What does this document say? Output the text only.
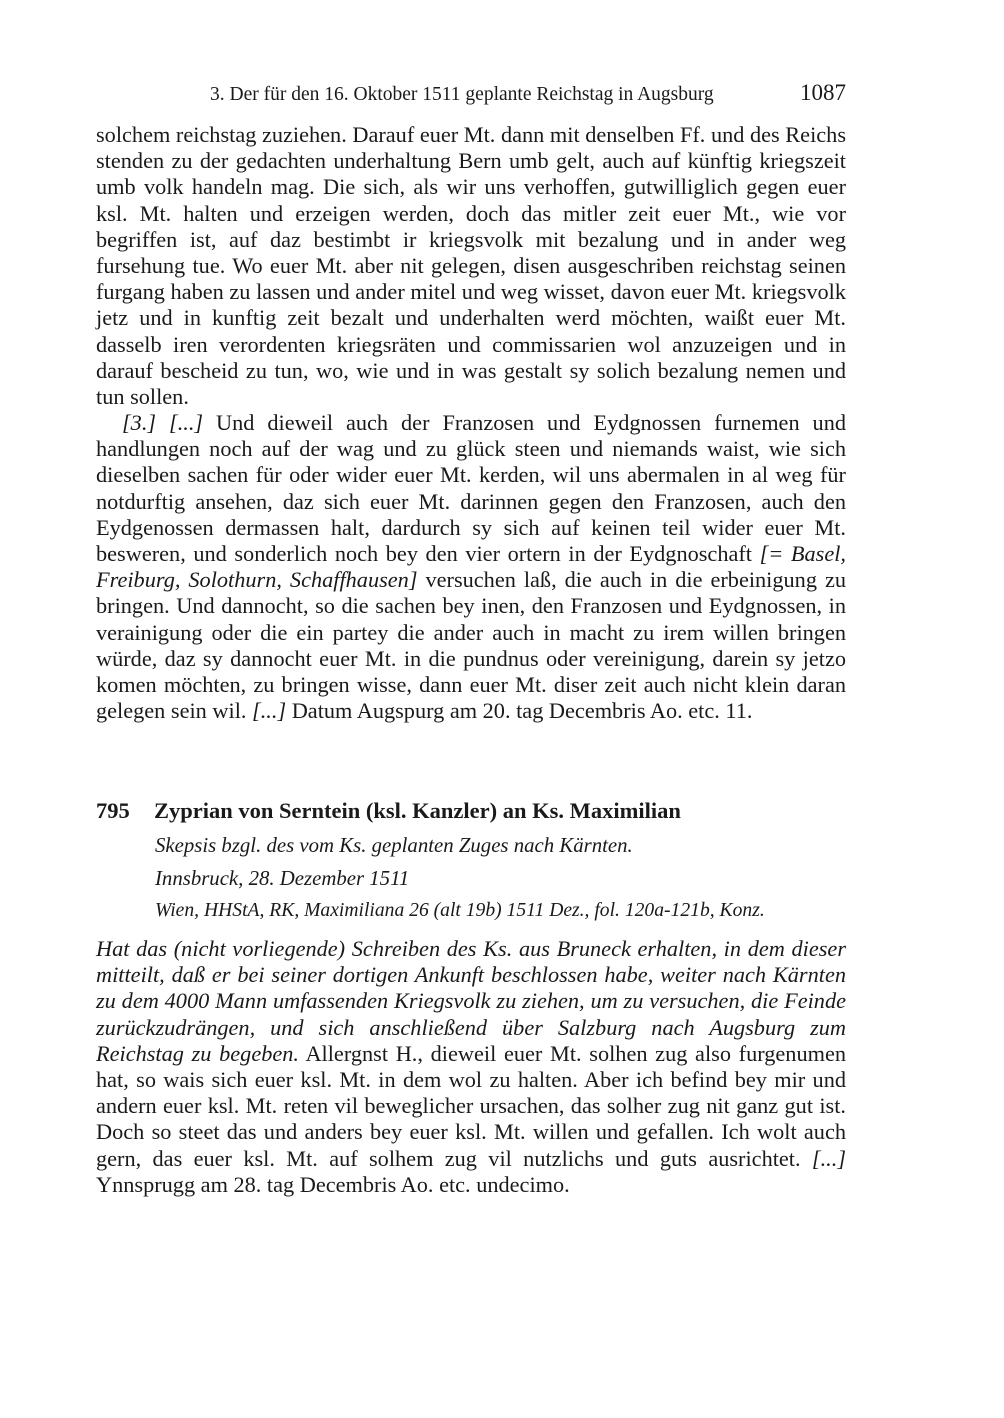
3. Der für den 16. Oktober 1511 geplante Reichstag in Augsburg	1087

solchem reichstag zuziehen. Darauf euer Mt. dann mit denselben Ff. und des Reichs stenden zu der gedachten underhaltung Bern umb gelt, auch auf künftig kriegszeit umb volk handeln mag. Die sich, als wir uns verhoffen, gutwilliglich gegen euer ksl. Mt. halten und erzeigen werden, doch das mitler zeit euer Mt., wie vor begriffen ist, auf daz bestimbt ir kriegsvolk mit bezalung und in ander weg fursehung tue. Wo euer Mt. aber nit gelegen, disen ausgeschriben reichstag seinen furgang haben zu lassen und ander mitel und weg wisset, davon euer Mt. kriegsvolk jetz und in kunftig zeit bezalt und underhalten werd möchten, waißt euer Mt. dasselb iren verordenten kriegsräten und commissarien wol anzuzeigen und in darauf bescheid zu tun, wo, wie und in was gestalt sy solich bezalung nemen und tun sollen.

[3.] [...] Und dieweil auch der Franzosen und Eydgnossen furnemen und handlungen noch auf der wag und zu glück steen und niemands waist, wie sich dieselben sachen für oder wider euer Mt. kerden, wil uns abermalen in al weg für notdurftig ansehen, daz sich euer Mt. darinnen gegen den Franzosen, auch den Eydgenossen dermassen halt, dardurch sy sich auf keinen teil wider euer Mt. besweren, und sonderlich noch bey den vier ortern in der Eydgnoschaft [= Basel, Freiburg, Solothurn, Schaffhausen] versuchen laß, die auch in die erbeinigung zu bringen. Und dannocht, so die sachen bey inen, den Franzosen und Eydgnossen, in verainigung oder die ein partey die ander auch in macht zu irem willen bringen würde, daz sy dannocht euer Mt. in die pundnus oder vereinigung, darein sy jetzo komen möchten, zu bringen wisse, dann euer Mt. diser zeit auch nicht klein daran gelegen sein wil. [...] Datum Augspurg am 20. tag Decembris Ao. etc. 11.

795 Zyprian von Serntein (ksl. Kanzler) an Ks. Maximilian
Skepsis bzgl. des vom Ks. geplanten Zuges nach Kärnten.
Innsbruck, 28. Dezember 1511
Wien, HHStA, RK, Maximiliana 26 (alt 19b) 1511 Dez., fol. 120a-121b, Konz.

Hat das (nicht vorliegende) Schreiben des Ks. aus Bruneck erhalten, in dem dieser mitteilt, daß er bei seiner dortigen Ankunft beschlossen habe, weiter nach Kärnten zu dem 4000 Mann umfassenden Kriegsvolk zu ziehen, um zu versuchen, die Feinde zurückzudrängen, und sich anschließend über Salzburg nach Augsburg zum Reichstag zu begeben. Allergnst H., dieweil euer Mt. solhen zug also furgenumen hat, so wais sich euer ksl. Mt. in dem wol zu halten. Aber ich befind bey mir und andern euer ksl. Mt. reten vil beweglicher ursachen, das solher zug nit ganz gut ist. Doch so steet das und anders bey euer ksl. Mt. willen und gefallen. Ich wolt auch gern, das euer ksl. Mt. auf solhem zug vil nutzlichs und guts ausrichtet. [...] Ynnsprugg am 28. tag Decembris Ao. etc. undecimo.
